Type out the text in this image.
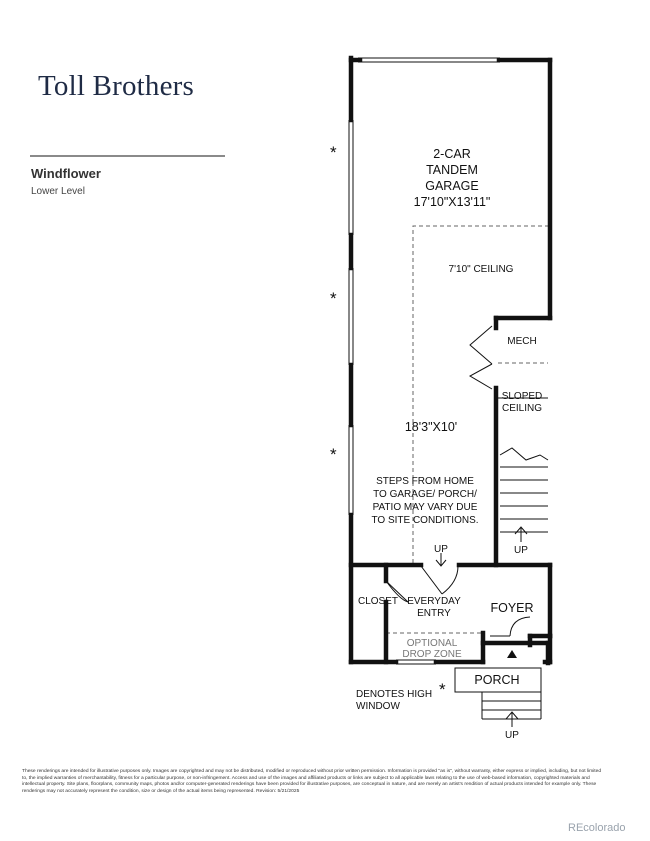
Toll Brothers
Windflower
Lower Level
*
*
*
*
2-CAR
TANDEM
GARAGE
17'10"X13'11"
18'3"X10'
FOYER
PORCH
7'10" CEILING
MECH
SLOPED
CEILING
STEPS FROM HOME
TO GARAGE/ PORCH/
PATIO MAY VARY DUE
TO SITE CONDITIONS.
UP	UP
CLOSET EVERYDAY
ENTRY
OPTIONAL
DROP ZONE
UP
DENOTES HIGH
WINDOW
These renderings are intended for illustrative purposes only. Images are copyrighted and may not be distributed, modified or reproduced without prior written permission. Information is provided "as is", without warranty, either express or implied, including, but not limited to, the implied warranties of merchantability, fitness for a particular purpose, or non-infringement. Access and use of the images and affiliated products or links are subject to all applicable laws relating to the use of web-based information, copyrighted materials and intellectual property. Site plans, floorplans, community maps, photos and/or computer-generated renderings have been provided for illustrative purposes, are conceptual in nature, and are merely an artist's rendition of actual products intended for example only. These renderings may not accurately represent the condition, size or design of the actual items being represented. Revision: 5/21/2025
REcolorado
